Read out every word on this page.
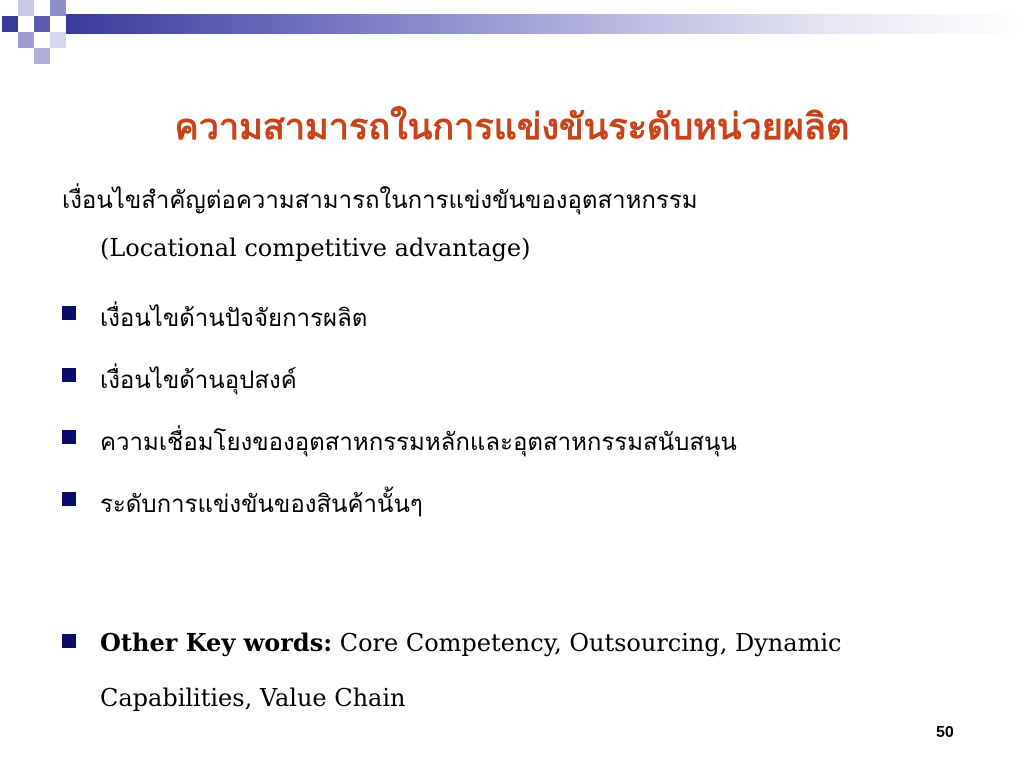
ความสามารถในการแข่งขันระดับหน่วยผลิต
เงื่อนไขสำคัญต่อความสามารถในการแข่งขันของอุตสาหกรรม
(Locational competitive advantage)
เงื่อนไขด้านปัจจัยการผลิต
เงื่อนไขด้านอุปสงค์
ความเชื่อมโยงของอุตสาหกรรมหลักและอุตสาหกรรมสนับสนุน
ระดับการแข่งขันของสินค้านั้นๆ
Other Key words: Core Competency, Outsourcing, Dynamic
Capabilities, Value Chain
50
